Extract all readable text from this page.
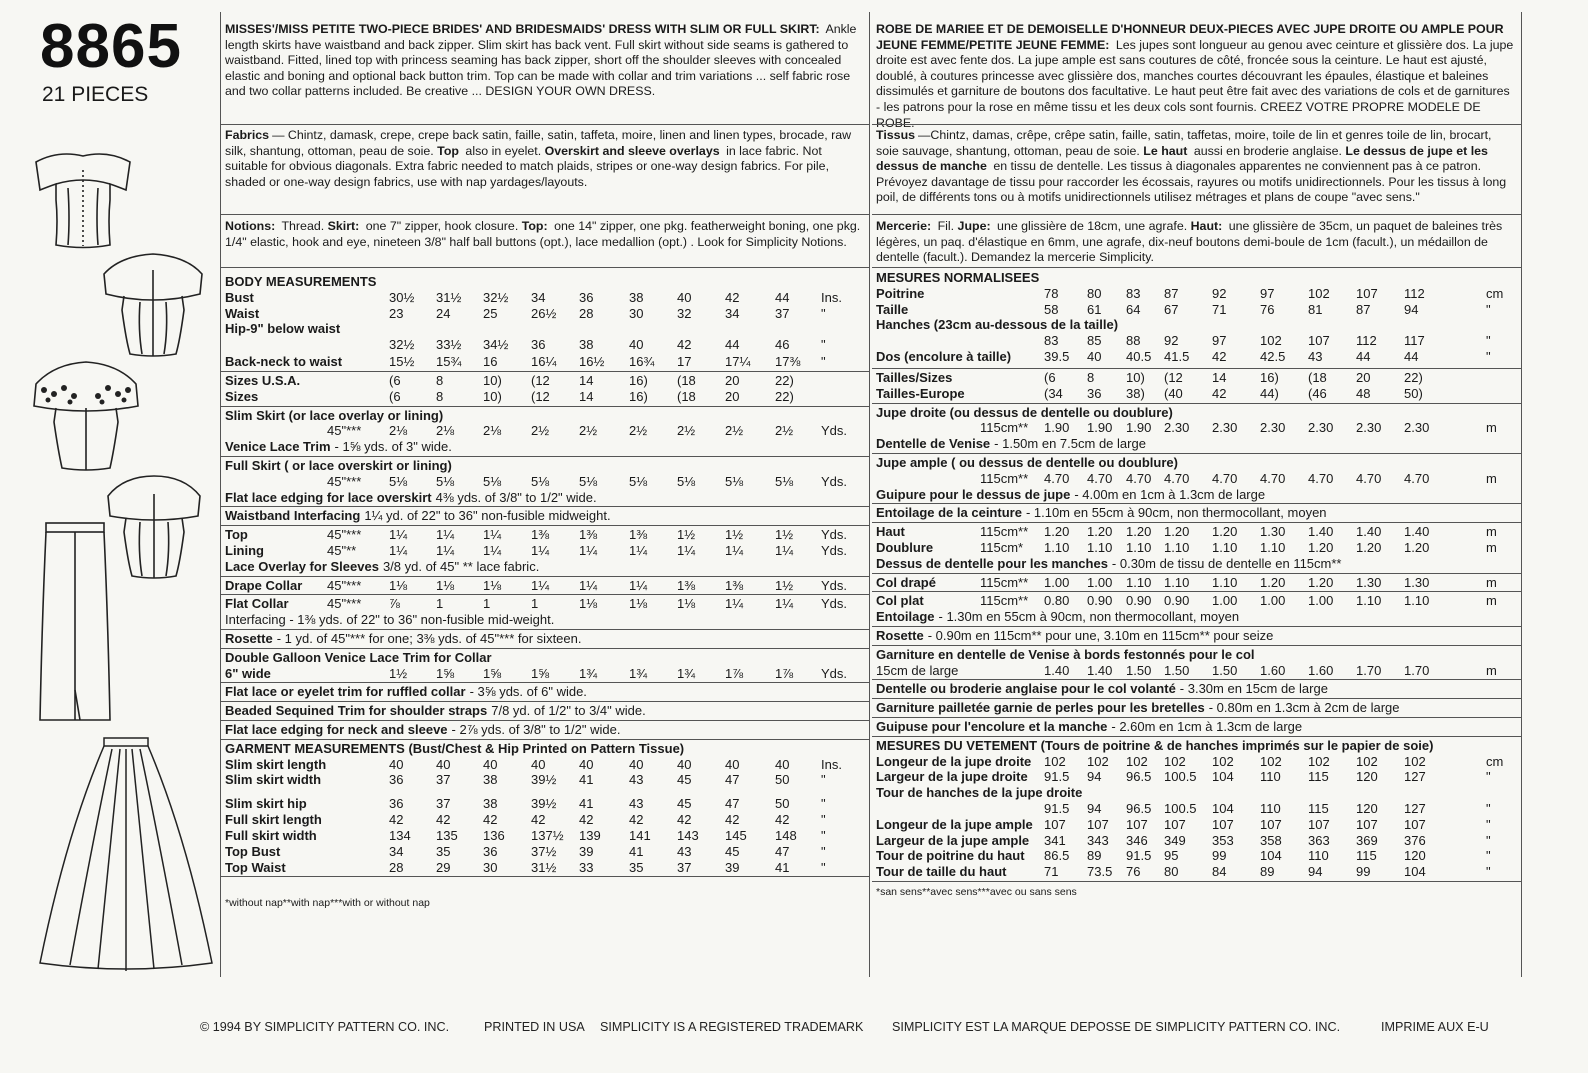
8865
21 PIECES
MISSES'/MISS PETITE TWO-PIECE BRIDES' AND BRIDESMAIDS' DRESS WITH SLIM OR FULL SKIRT: Ankle length skirts have waistband and back zipper. Slim skirt has back vent. Full skirt without side seams is gathered to waistband. Fitted, lined top with princess seaming has back zipper, short off the shoulder sleeves with concealed elastic and boning and optional back button trim. Top can be made with collar and trim variations ... self fabric rose and two collar patterns included. Be creative ... DESIGN YOUR OWN DRESS.
Fabrics — Chintz, damask, crepe, crepe back satin, faille, satin, taffeta, moire, linen and linen types, brocade, raw silk, shantung, ottoman, peau de soie. Top also in eyelet. Overskirt and sleeve overlays in lace fabric. Not suitable for obvious diagonals. Extra fabric needed to match plaids, stripes or one-way design fabrics. For pile, shaded or one-way design fabrics, use with nap yardages/layouts.
Notions: Thread. Skirt: one 7" zipper, hook closure. Top: one 14" zipper, one pkg. featherweight boning, one pkg. 1/4" elastic, hook and eye, nineteen 3/8" half ball buttons (opt.), lace medallion (opt.) . Look for Simplicity Notions.
BODY MEASUREMENTS
Bust	30½ 31½ 32½ 34	36	38	40	42	44 Ins.
Waist	23	24	25	26½ 28	30	32	34	37 "
Hip-9" below waist
32½ 33½ 34½ 36	38	40	42	44	46 "
Back-neck to waist	15½ 15¾ 16	16¼ 16½ 16¾ 17	17¼ 17⅜ "
Sizes U.S.A.	(6	8	10) (12 14	16) (18 20	22)
Sizes	(6	8	10) (12 14	16) (18 20	22)
Slim Skirt (or lace overlay or lining)
45"*** 2⅛ 2⅛ 2⅛ 2½ 2½ 2½ 2½ 2½ 2½ Yds.
Venice Lace Trim - 1⅝ yds. of 3" wide.
Full Skirt ( or lace overskirt or lining)
45"*** 5⅛ 5⅛ 5⅛ 5⅛ 5⅛ 5⅛ 5⅛ 5⅛ 5⅛ Yds.
Flat lace edging for lace overskirt 4⅜ yds. of 3/8" to 1/2" wide.
Waistband Interfacing 1¼ yd. of 22" to 36" non-fusible midweight.
Top	45"*** 1¼ 1¼ 1¼ 1⅜ 1⅜ 1⅜ 1½ 1½ 1½ Yds.
Lining	45"**	1¼ 1¼ 1¼ 1¼ 1¼ 1¼ 1¼ 1¼ 1¼ Yds.
Lace Overlay for Sleeves 3/8 yd. of 45" ** lace fabric.
Drape Collar 45"*** 1⅛ 1⅛ 1⅛ 1¼ 1¼ 1¼ 1⅜ 1⅜ 1½ Yds.
Flat Collar	45"*** ⅞	1	1	1	1⅛ 1⅛ 1⅛ 1¼ 1¼ Yds.
Interfacing - 1⅜ yds. of 22" to 36" non-fusible mid-weight.
Rosette - 1 yd. of 45"*** for one; 3⅜ yds. of 45"*** for sixteen.
Double Galloon Venice Lace Trim for Collar
6" wide	1½ 1⅝ 1⅝ 1⅝ 1¾ 1¾ 1¾ 1⅞ 1⅞ Yds.
Flat lace or eyelet trim for ruffled collar - 3⅝ yds. of 6" wide.
Beaded Sequined Trim for shoulder straps 7/8 yd. of 1/2" to 3/4" wide.
Flat lace edging for neck and sleeve - 2⅞ yds. of 3/8" to 1/2" wide.
GARMENT MEASUREMENTS (Bust/Chest & Hip Printed on Pattern Tissue)
Slim skirt length	40	40	40	40	40	40	40	40	40 Ins.
Slim skirt width	36	37	38	39½ 41	43	45	47	50 "
Slim skirt hip	36	37	38	39½ 41	43	45	47	50 "
Full skirt length	42	42	42	42	42	42	42	42	42 "
Full skirt width	134 135 136 137½ 139 141 143 145 148 "
Top Bust	34	35	36	37½ 39	41	43	45	47 "
Top Waist	28	29	30	31½ 33	35	37	39	41 "
*without nap**with nap***with or without nap
ROBE DE MARIEE ET DE DEMOISELLE D'HONNEUR DEUX-PIECES AVEC JUPE DROITE OU AMPLE POUR JEUNE FEMME/PETITE JEUNE FEMME: Les jupes sont longueur au genou avec ceinture et glissière dos. La jupe droite est avec fente dos. La jupe ample est sans coutures de côté, froncée sous la ceinture. Le haut est ajusté, doublé, à coutures princesse avec glissière dos, manches courtes découvrant les épaules, élastique et baleines dissimulés et garniture de boutons dos facultative. Le haut peut être fait avec des variations de cols et de garnitures - les patrons pour la rose en même tissu et les deux cols sont fournis. CREEZ VOTRE PROPRE MODELE DE ROBE.
Tissus —Chintz, damas, crêpe, crêpe satin, faille, satin, taffetas, moire, toile de lin et genres toile de lin, brocart, soie sauvage, shantung, ottoman, peau de soie. Le haut aussi en broderie anglaise. Le dessus de jupe et les dessus de manche en tissu de dentelle. Les tissus à diagonales apparentes ne conviennent pas à ce patron. Prévoyez davantage de tissu pour raccorder les écossais, rayures ou motifs unidirectionnels. Pour les tissus à long poil, de différents tons ou à motifs unidirectionnels utilisez métrages et plans de coupe "avec sens."
Mercerie: Fil. Jupe: une glissière de 18cm, une agrafe. Haut: une glissière de 35cm, un paquet de baleines très légères, un paq. d'élastique en 6mm, une agrafe, dix-neuf boutons demi-boule de 1cm (facult.), un médaillon de dentelle (facult.). Demandez la mercerie Simplicity.
MESURES NORMALISEES
Poitrine	78 80 83 87	92	97	102 107 112	cm
Taille	58 61 64 67	71	76	81	87	94	"
Hanches (23cm au-dessous de la taille)
83 85 88 92	97	102 107 112 117	"
Dos (encolure à taille)	39.5 40 40.5 41.5 42	42.5 43	44	44	"
Tailles/Sizes	(6 8 10) (12 14	16) (18 20	22)
Tailles-Europe	(34 36 38) (40 42	44) (46 48	50)
Jupe droite (ou dessus de dentelle ou doublure)
115cm** 1.90 1.90 1.90 2.30 2.30 2.30 2.30 2.30 2.30	m
Dentelle de Venise - 1.50m en 7.5cm de large
Jupe ample ( ou dessus de dentelle ou doublure)
115cm** 4.70 4.70 4.70 4.70 4.70 4.70 4.70 4.70 4.70	m
Guipure pour le dessus de jupe - 4.00m en 1cm à 1.3cm de large
Entoilage de la ceinture - 1.10m en 55cm à 90cm, non thermocollant, moyen
Haut	115cm** 1.20 1.20 1.20 1.20 1.20 1.30 1.40 1.40 1.40	m
Doublure	115cm* 1.10 1.10 1.10 1.10 1.10 1.10 1.20 1.20 1.20	m
Dessus de dentelle pour les manches - 0.30m de tissu de dentelle en 115cm**
Col drapé	115cm** 1.00 1.00 1.10 1.10 1.10 1.20 1.20 1.30 1.30	m
Col plat	115cm** 0.80 0.90 0.90 0.90 1.00 1.00 1.00 1.10 1.10	m
Entoilage - 1.30m en 55cm à 90cm, non thermocollant, moyen
Rosette - 0.90m en 115cm** pour une, 3.10m en 115cm** pour seize
Garniture en dentelle de Venise à bords festonnés pour le col
15cm de large	1.40 1.40 1.50 1.50 1.50 1.60 1.60 1.70 1.70	m
Dentelle ou broderie anglaise pour le col volanté - 3.30m en 15cm de large
Garniture pailletée garnie de perles pour les bretelles - 0.80m en 1.3cm à 2cm de large
Guipuse pour l'encolure et la manche - 2.60m en 1cm à 1.3cm de large
MESURES DU VETEMENT (Tours de poitrine & de hanches imprimés sur le papier de soie)
Longeur de la jupe droite 102 102 102 102 102 102 102 102 102	cm
Largeur de la jupe droite 91.5 94 96.5 100.5 104 110 115 120 127	"
Tour de hanches de la jupe droite
91.5 94 96.5 100.5 104 110 115 120 127	"
Longeur de la jupe ample 107 107 107 107 107 107 107 107 107	"
Largeur de la jupe ample 341 343 346 349 353 358 363 369 376	"
Tour de poitrine du haut 86.5 89 91.5 95	99	104 110 115 120	"
Tour de taille du haut	71 73.5 76 80	84	89	94	99	104	"
*san sens**avec sens***avec ou sans sens
© 1994 BY SIMPLICITY PATTERN CO. INC.	PRINTED IN USA SIMPLICITY IS A REGISTERED TRADEMARK SIMPLICITY EST LA MARQUE DEPOSSE DE SIMPLICITY PATTERN CO. INC.	IMPRIME AUX E-U
